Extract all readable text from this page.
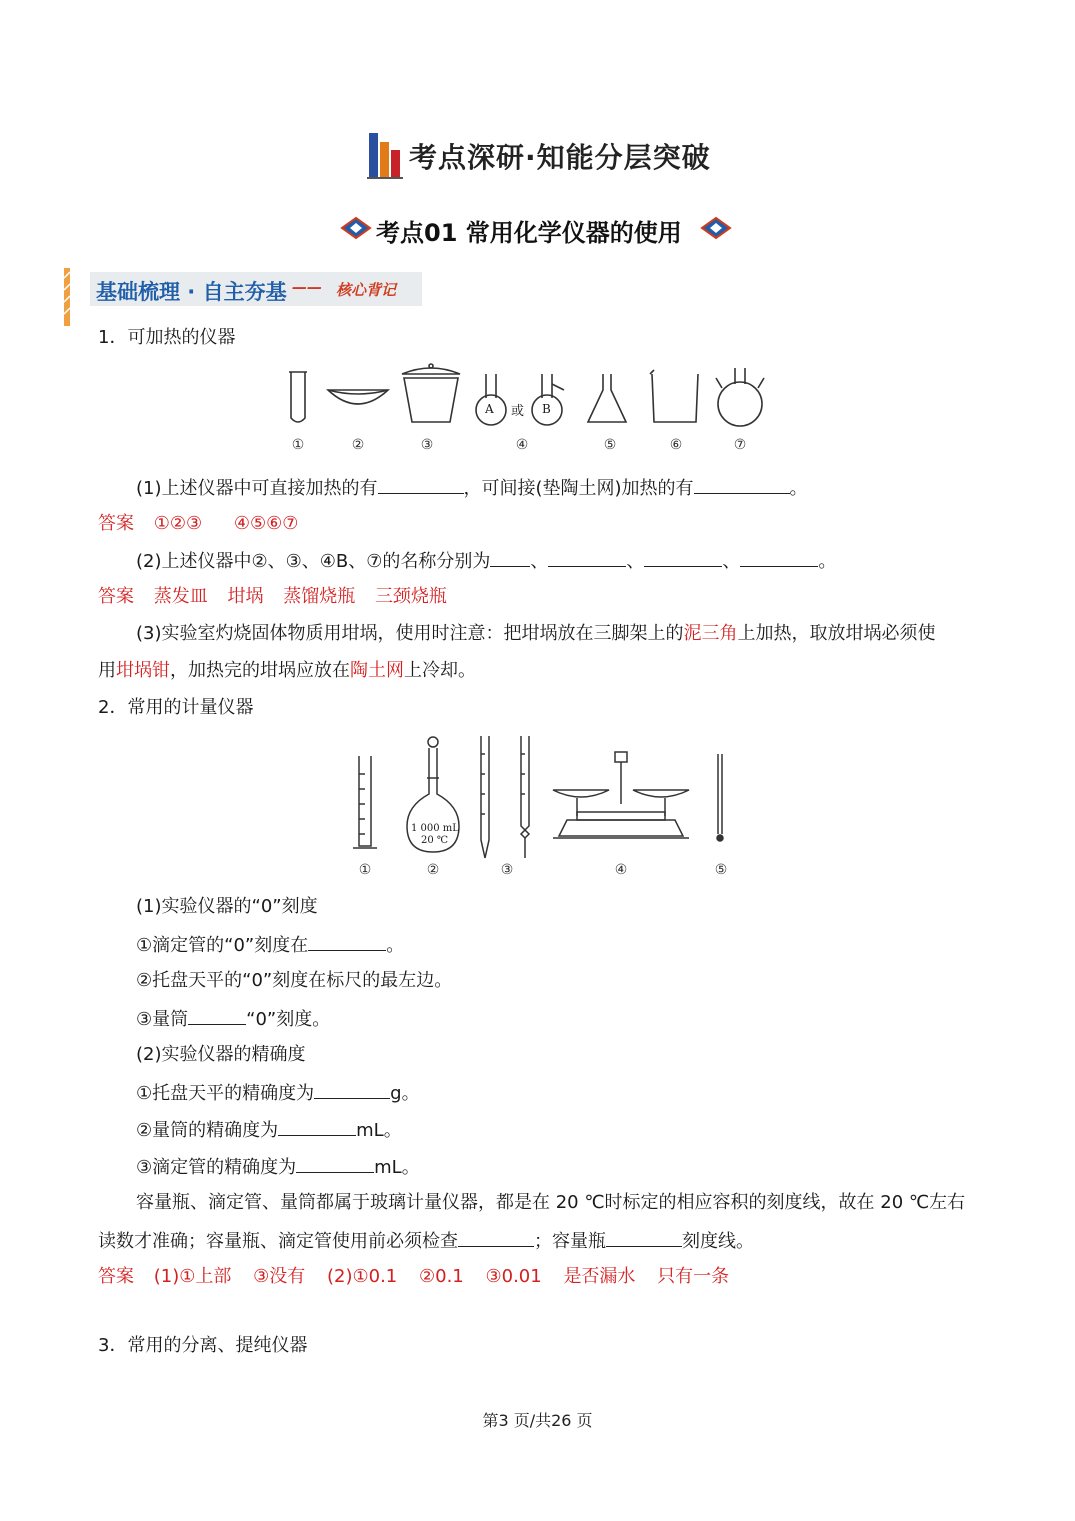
考点深研·知能分层突破
考点01 常用化学仪器的使用
基础梳理 · 自主夯基 —— 核心背记
1．可加热的仪器
A 或 B
①	②	③	④	⑤	⑥	⑦
(1)上述仪器中可直接加热的有	，可间接(垫陶土网)加热的有	。
答案 ①②③ ④⑤⑥⑦
(2)上述仪器中②、③、④B、⑦的名称分别为 、	、	、	。
答案 蒸发皿 坩埚 蒸馏烧瓶 三颈烧瓶
(3)实验室灼烧固体物质用坩埚，使用时注意：把坩埚放在三脚架上的泥三角上加热，取放坩埚必须使
用坩埚钳，加热完的坩埚应放在陶土网上冷却。
2．常用的计量仪器
1 000 mL
20 ℃
①	②	③	④	⑤
(1)实验仪器的“0”刻度
①滴定管的“0”刻度在	。
②托盘天平的“0”刻度在标尺的最左边。
③量筒	“0”刻度。
(2)实验仪器的精确度
①托盘天平的精确度为	g。
②量筒的精确度为	mL。
③滴定管的精确度为	mL。
容量瓶、滴定管、量筒都属于玻璃计量仪器，都是在 20 ℃时标定的相应容积的刻度线，故在 20 ℃左右
读数才准确；容量瓶、滴定管使用前必须检查	；容量瓶	刻度线。
答案 (1)①上部 ③没有 (2)①0.1 ②0.1 ③0.01 是否漏水 只有一条
3．常用的分离、提纯仪器
第3 页/共26 页
